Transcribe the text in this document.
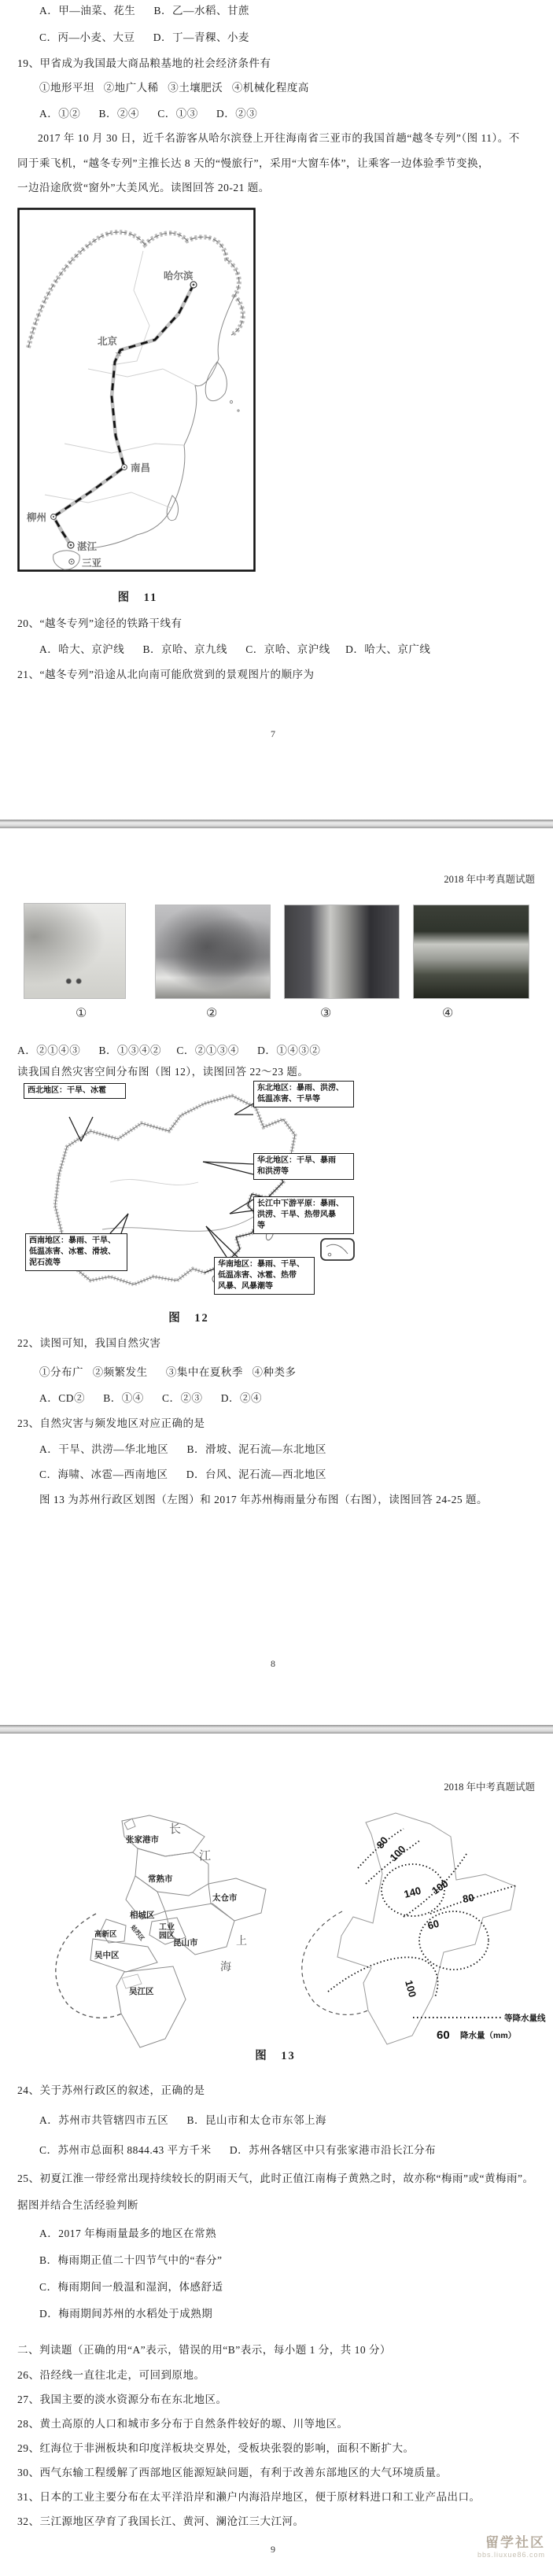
A．甲—油菜、花生      B．乙—水稻、甘蔗
C．丙—小麦、大豆      D．丁—青稞、小麦
19、甲省成为我国最大商品粮基地的社会经济条件有
①地形平坦   ②地广人稀   ③土壤肥沃   ④机械化程度高
A．①②      B．②④      C．①③      D．②③
2017 年 10 月 30 日，近千名游客从哈尔滨登上开往海南省三亚市的我国首趟“越冬专列”（图 11）。不
同于乘飞机，“越冬专列”主推长达 8 天的“慢旅行”，采用“大窗车体”，让乘客一边体验季节变换，
一边沿途欣赏“窗外”大美风光。读图回答 20-21 题。
☆
哈尔滨
北京
南昌
柳州
湛江
三亚
图　11
20、“越冬专列”途径的铁路干线有
A．哈大、京沪线      B．京哈、京九线      C．京哈、京沪线     D．哈大、京广线
21、“越冬专列”沿途从北向南可能欣赏到的景观图片的顺序为
7
2018 年中考真题试题
①	②	③	④
A．②①④③      B．①③④②     C．②①③④      D．①④③②
读我国自然灾害空间分布图（图 12），读图回答 22～23 题。
西北地区：干旱、冰雹	东北地区：暴雨、洪涝、
低温冻害、干旱等
华北地区：干旱、暴雨
和洪涝等
长江中下游平原：暴雨、
洪涝、干旱、热带风暴
等
西南地区：暴雨、干旱、
低温冻害、冰雹、滑坡、
泥石流等	华南地区：暴雨、干旱、
低温冻害、冰雹、热带
风暴、风暴潮等
图　12
22、读图可知，我国自然灾害
①分布广   ②频繁发生      ③集中在夏秋季   ④种类多
A．CD②      B．①④      C．②③      D．②④
23、自然灾害与频发地区对应正确的是
A．干旱、洪涝—华北地区      B．滑坡、泥石流—东北地区
C．海啸、冰雹—西南地区      D．台风、泥石流—西北地区
图 13 为苏州行政区划图（左图）和 2017 年苏州梅雨量分布图（右图），读图回答 24-25 题。
8
2018 年中考真题试题
长
江
张家港市
常熟市
太仓市
相城区
高新区 姑苏区 工业
园区
昆山市
吴中区
吴江区
上
海
80
100
140 100
80
60
100
等降水量线
60 降水量（mm）
图　13
24、关于苏州行政区的叙述，正确的是
A．苏州市共管辖四市五区      B．昆山市和太仓市东邻上海
C．苏州市总面积 8844.43 平方千米      D．苏州各辖区中只有张家港市沿长江分布
25、初夏江淮一带经常出现持续较长的阴雨天气，此时正值江南梅子黄熟之时，故亦称“梅雨”或“黄梅雨”。
据图并结合生活经验判断
A．2017 年梅雨量最多的地区在常熟
B．梅雨期正值二十四节气中的“春分”
C．梅雨期间一般温和湿润，体感舒适
D．梅雨期间苏州的水稻处于成熟期
二、判读题（正确的用“A”表示，错误的用“B”表示，每小题 1 分，共 10 分）
26、沿经线一直往北走，可回到原地。
27、我国主要的淡水资源分布在东北地区。
28、黄土高原的人口和城市多分布于自然条件较好的塬、川等地区。
29、红海位于非洲板块和印度洋板块交界处，受板块张裂的影响，面积不断扩大。
30、西气东输工程缓解了西部地区能源短缺问题，有利于改善东部地区的大气环境质量。
31、日本的工业主要分布在太平洋沿岸和濑户内海沿岸地区，便于原材料进口和工业产品出口。
32、三江源地区孕育了我国长江、黄河、澜沧江三大江河。
9	留学社区
bbs.liuxue86.com
